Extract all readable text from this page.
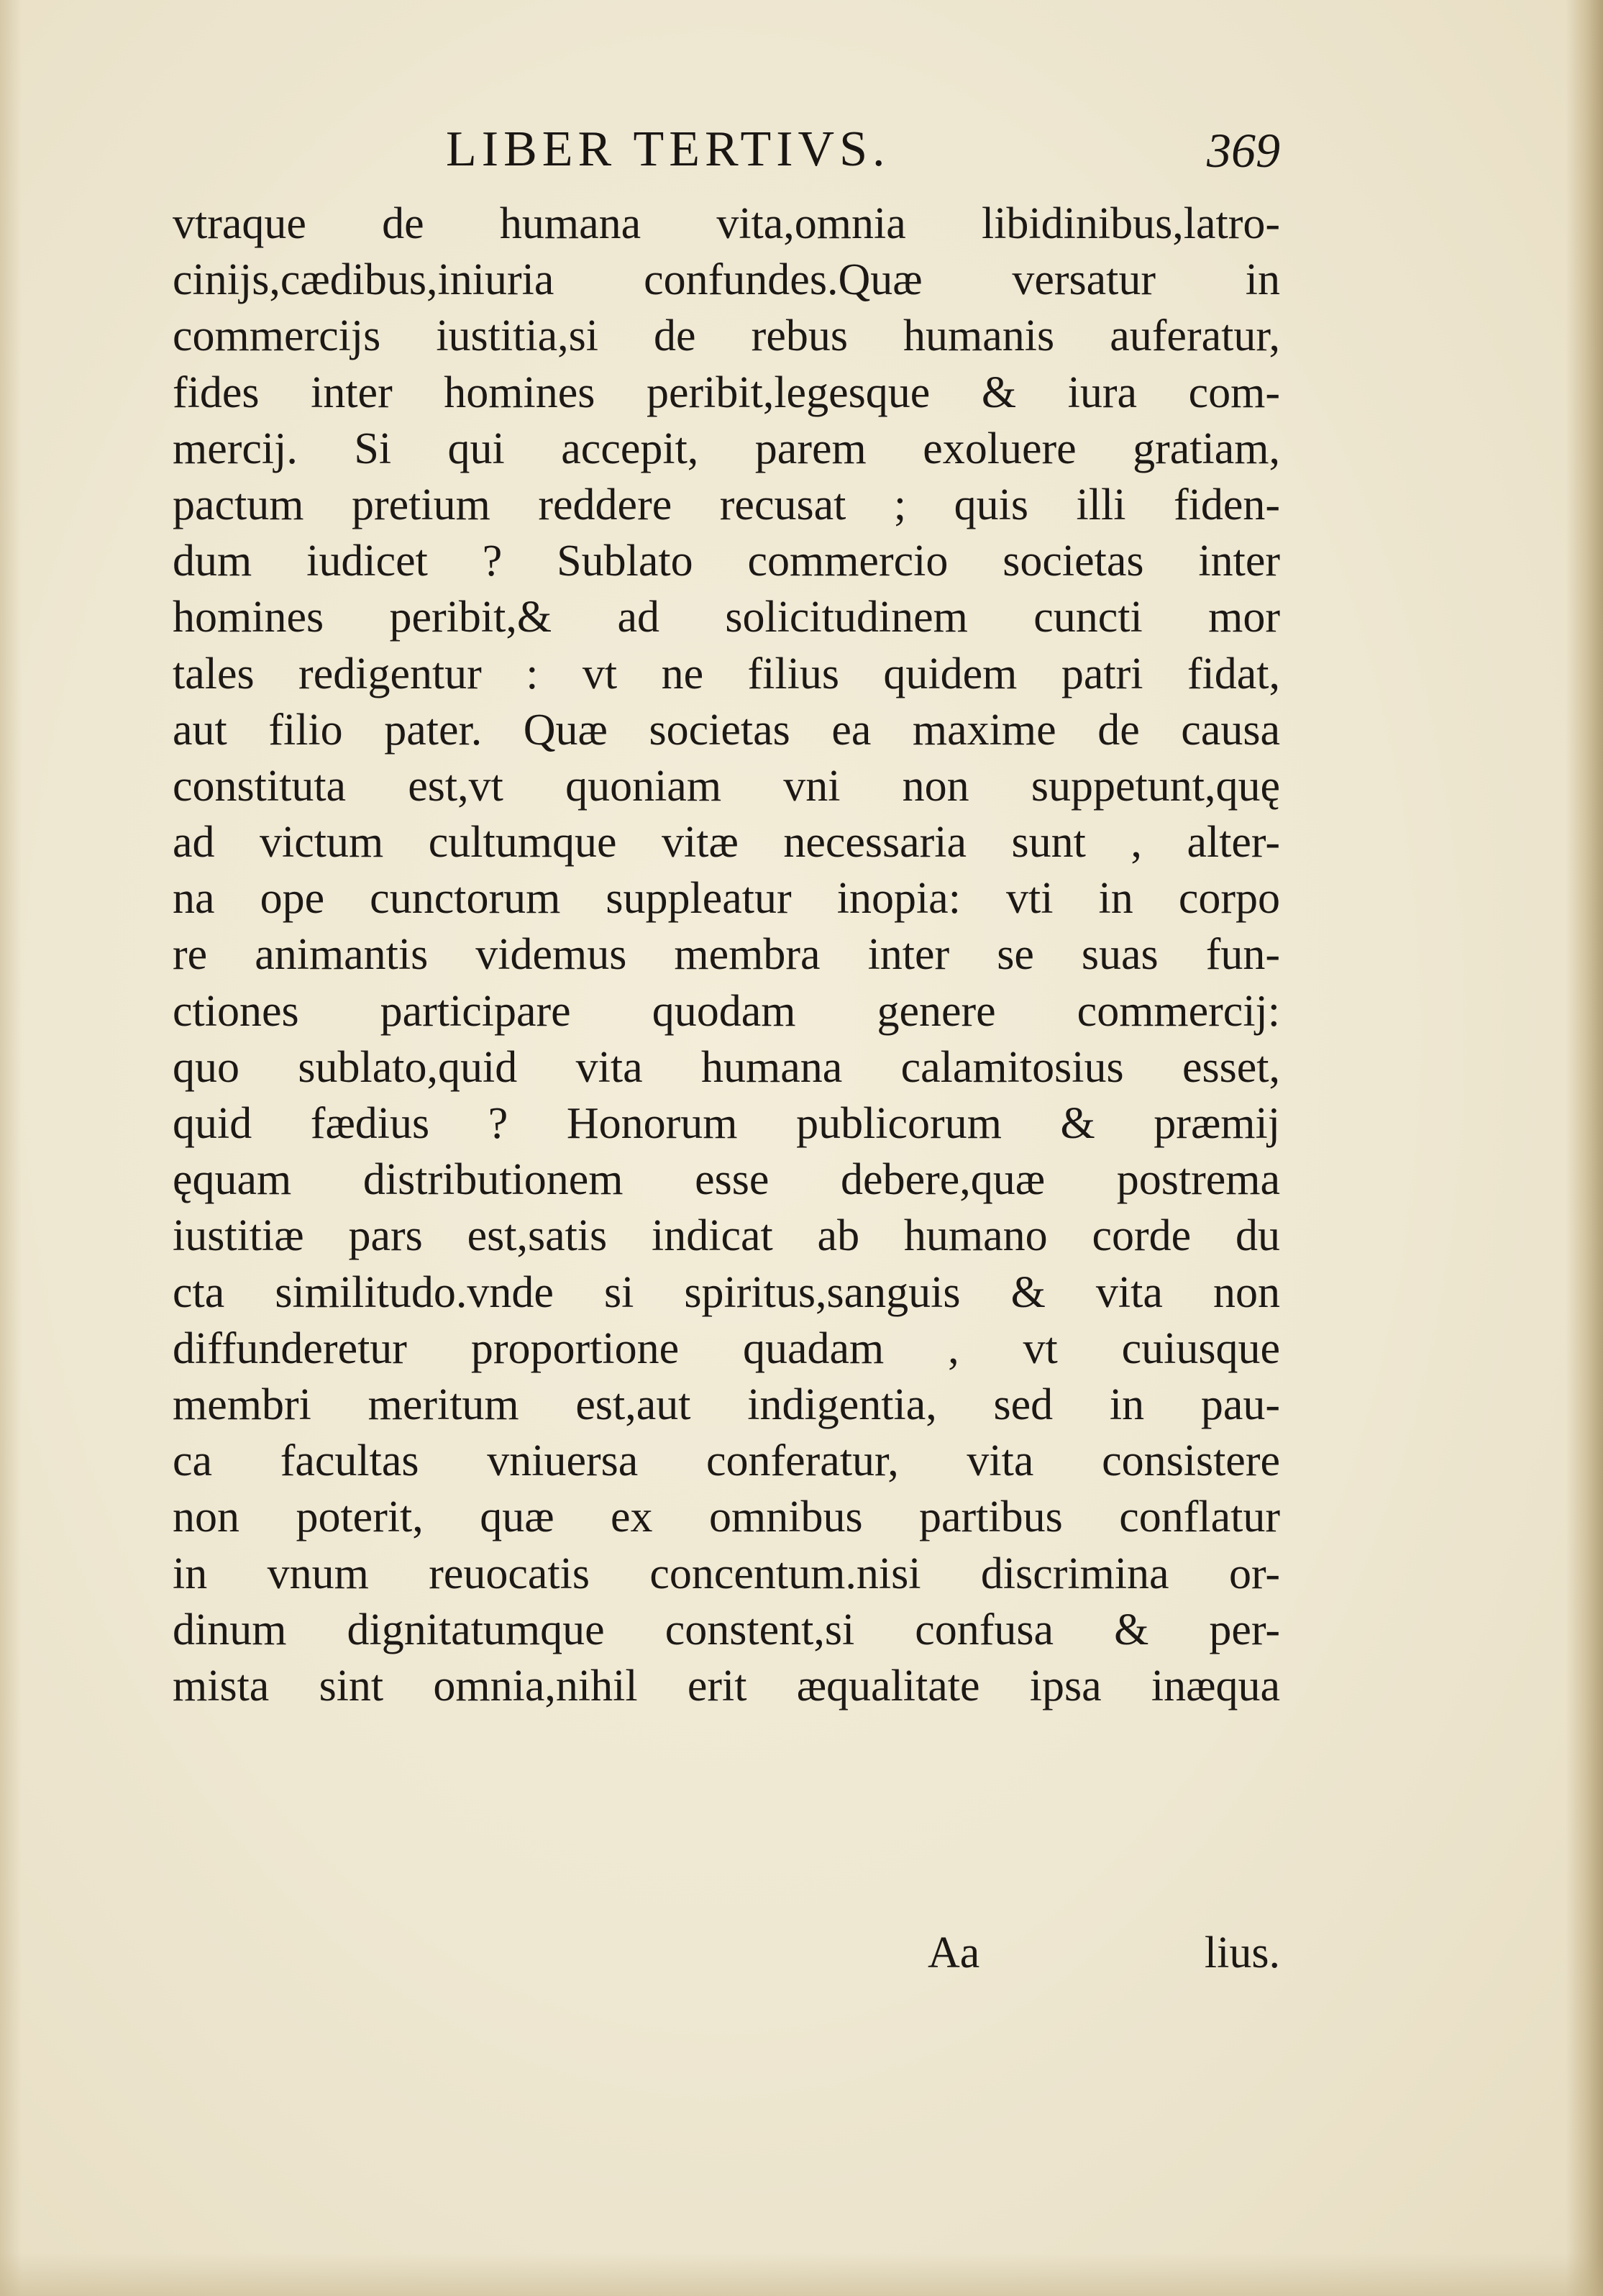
LIBER TERTIVS.	369
vtraque de humana vita,omnia libidinibus,latro-
cinijs,cædibus,iniuria confundes.Quæ versatur in
commercijs iustitia,si de rebus humanis auferatur,
fides inter homines peribit,legesque & iura com-
mercij. Si qui accepit, parem exoluere gratiam,
pactum pretium reddere recusat ; quis illi fiden-
dum iudicet ? Sublato commercio societas inter
homines peribit,& ad solicitudinem cuncti mor
tales redigentur : vt ne filius quidem patri fidat,
aut filio pater. Quæ societas ea maxime de causa
constituta est,vt quoniam vni non suppetunt,quę
ad victum cultumque vitæ necessaria sunt , alter-
na ope cunctorum suppleatur inopia: vti in corpo
re animantis videmus membra inter se suas fun-
ctiones participare quodam genere commercij:
quo sublato,quid vita humana calamitosius esset,
quid fædius ? Honorum publicorum & præmij
ęquam distributionem esse debere,quæ postrema
iustitiæ pars est,satis indicat ab humano corde du
cta similitudo.vnde si spiritus,sanguis & vita non
diffunderetur proportione quadam , vt cuiusque
membri meritum est,aut indigentia, sed in pau-
ca facultas vniuersa conferatur, vita consistere
non poterit, quæ ex omnibus partibus conflatur
in vnum reuocatis concentum.nisi discrimina or-
dinum dignitatumque constent,si confusa & per-
mista sint omnia,nihil erit æqualitate ipsa inæqua
Aa	lius.
